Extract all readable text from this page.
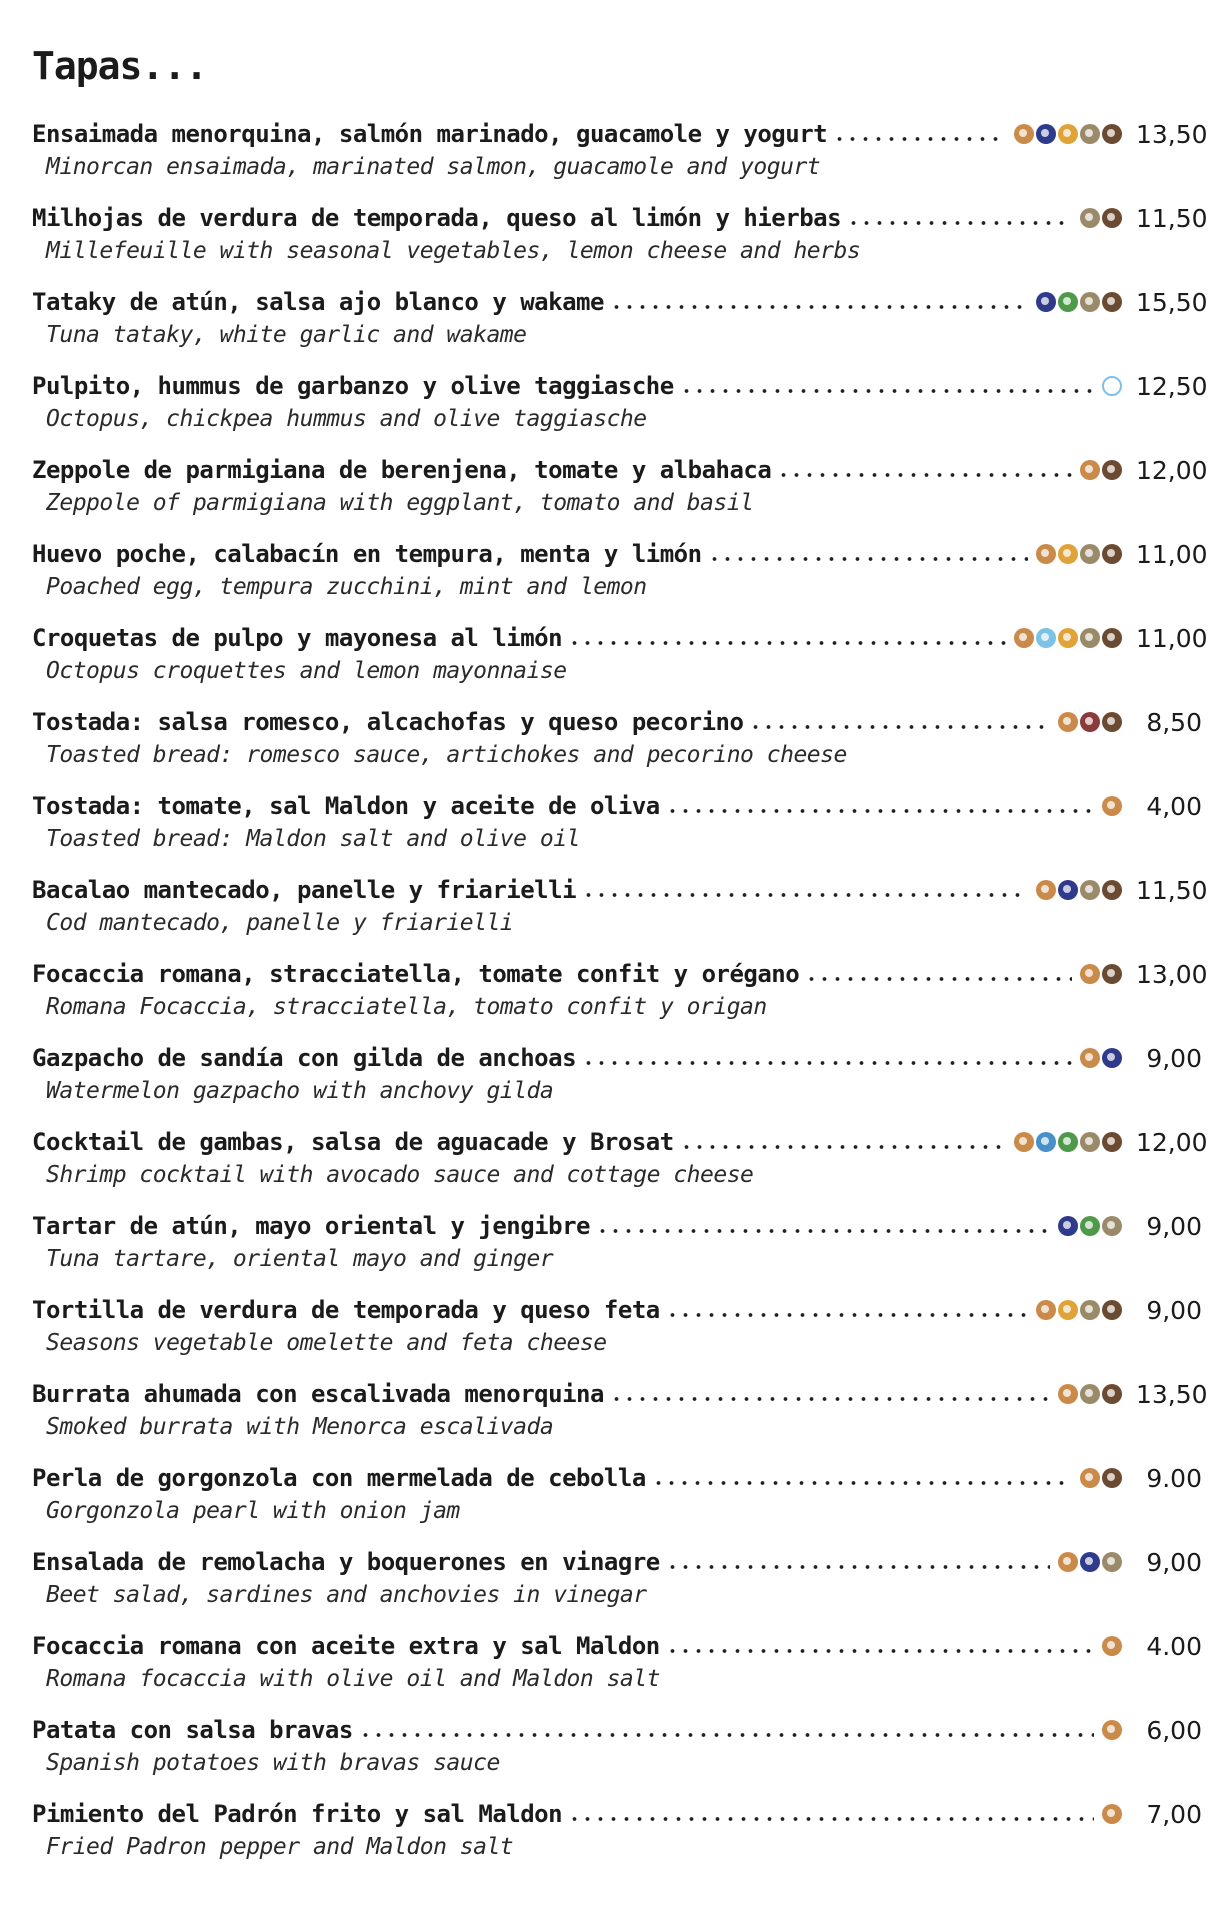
Tapas...
Ensaimada menorquina, salmón marinado, guacamole y yogurt	13,50
Minorcan ensaimada, marinated salmon, guacamole and yogurt
Milhojas de verdura de temporada, queso al limón y hierbas	11,50
Millefeuille with seasonal vegetables, lemon cheese and herbs
Tataky de atún, salsa ajo blanco y wakame	15,50
Tuna tataky, white garlic and wakame
Pulpito, hummus de garbanzo y olive taggiasche	12,50
Octopus, chickpea hummus and olive taggiasche
Zeppole de parmigiana de berenjena, tomate y albahaca	12,00
Zeppole of parmigiana with eggplant, tomato and basil
Huevo poche, calabacín en tempura, menta y limón	11,00
Poached egg, tempura zucchini, mint and lemon
Croquetas de pulpo y mayonesa al limón	11,00
Octopus croquettes and lemon mayonnaise
Tostada: salsa romesco, alcachofas y queso pecorino	8,50
Toasted bread: romesco sauce, artichokes and pecorino cheese
Tostada: tomate, sal Maldon y aceite de oliva	4,00
Toasted bread: Maldon salt and olive oil
Bacalao mantecado, panelle y friarielli	11,50
Cod mantecado, panelle y friarielli
Focaccia romana, stracciatella, tomate confit y orégano	13,00
Romana Focaccia, stracciatella, tomato confit y origan
Gazpacho de sandía con gilda de anchoas	9,00
Watermelon gazpacho with anchovy gilda
Cocktail de gambas, salsa de aguacade y Brosat	12,00
Shrimp cocktail with avocado sauce and cottage cheese
Tartar de atún, mayo oriental y jengibre	9,00
Tuna tartare, oriental mayo and ginger
Tortilla de verdura de temporada y queso feta	9,00
Seasons vegetable omelette and feta cheese
Burrata ahumada con escalivada menorquina	13,50
Smoked burrata with Menorca escalivada
Perla de gorgonzola con mermelada de cebolla	9.00
Gorgonzola pearl with onion jam
Ensalada de remolacha y boquerones en vinagre	9,00
Beet salad, sardines and anchovies in vinegar
Focaccia romana con aceite extra y sal Maldon	4.00
Romana focaccia with olive oil and Maldon salt
Patata con salsa bravas	6,00
Spanish potatoes with bravas sauce
Pimiento del Padrón frito y sal Maldon	7,00
Fried Padron pepper and Maldon salt
